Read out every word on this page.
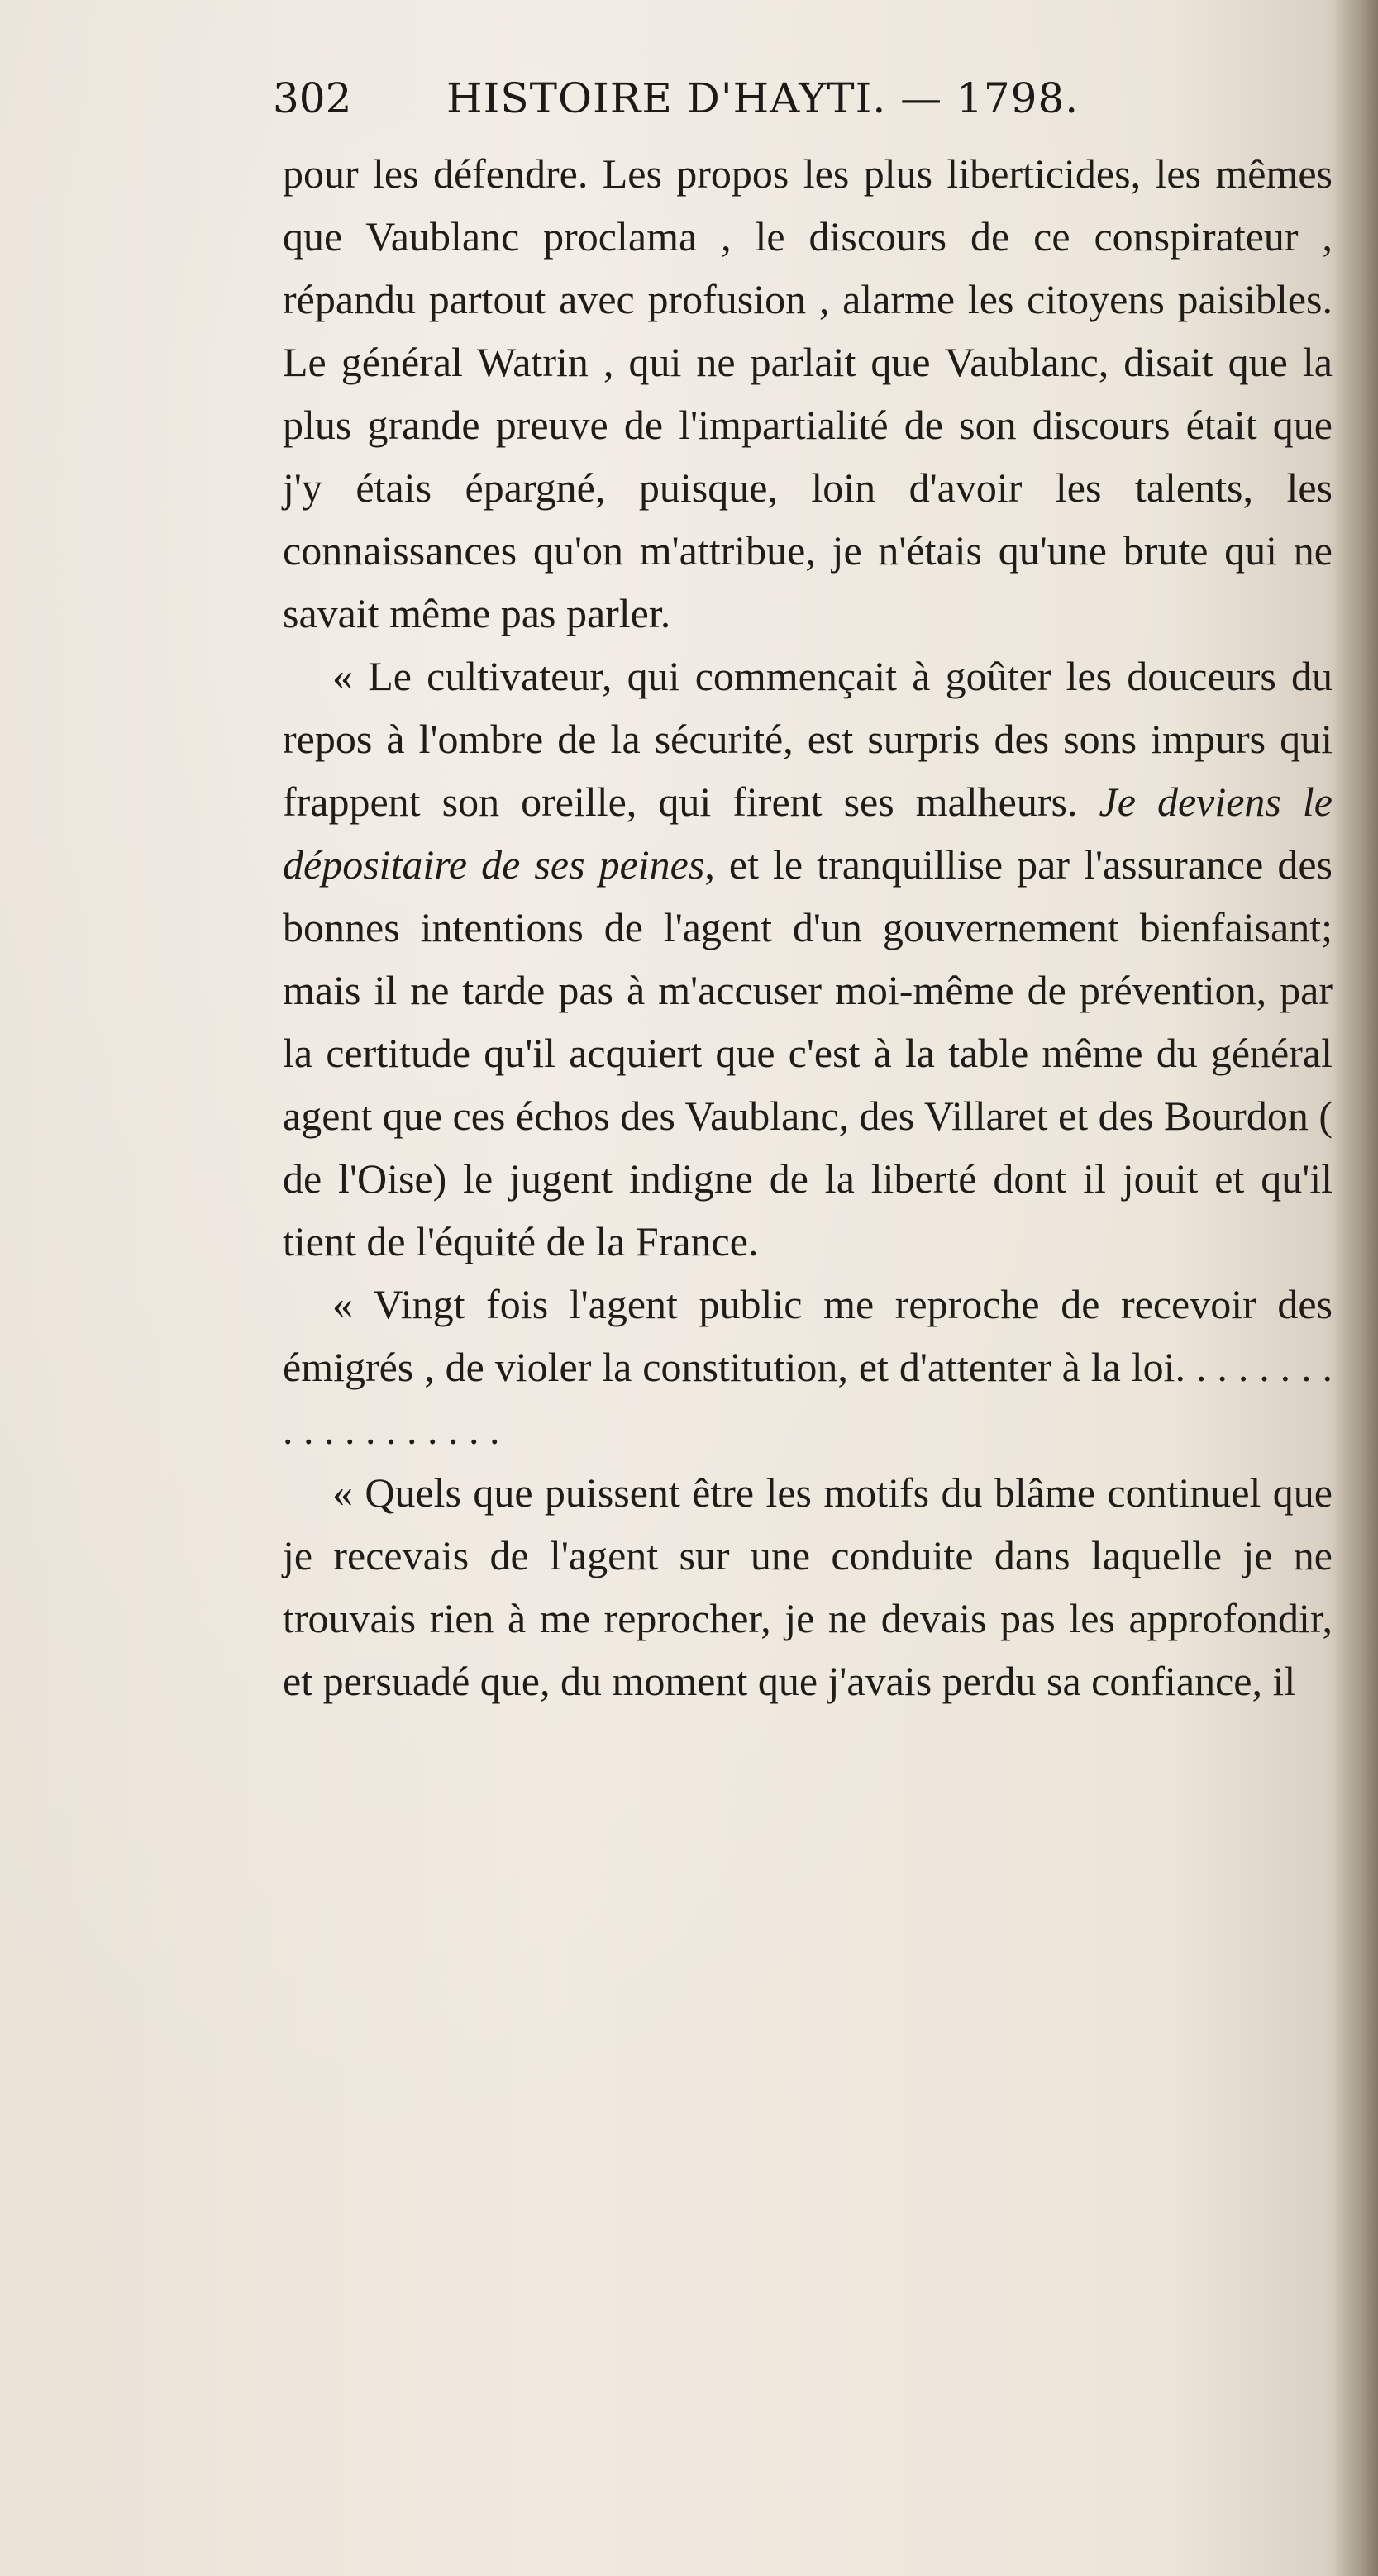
302 HISTOIRE D'HAYTI. — 1798.

pour les défendre. Les propos les plus liberticides, les mêmes que Vaublanc proclama , le discours de ce conspirateur , répandu partout avec profusion , alarme les citoyens paisibles. Le général Watrin , qui ne parlait que Vaublanc, disait que la plus grande preuve de l'impartialité de son discours était que j'y étais épargné, puisque, loin d'avoir les talents, les connaissances qu'on m'attribue, je n'étais qu'une brute qui ne savait même pas parler.

« Le cultivateur, qui commençait à goûter les douceurs du repos à l'ombre de la sécurité, est surpris des sons impurs qui frappent son oreille, qui firent ses malheurs. Je deviens le dépositaire de ses peines, et le tranquillise par l'assurance des bonnes intentions de l'agent d'un gouvernement bienfaisant; mais il ne tarde pas à m'accuser moi-même de prévention, par la certitude qu'il acquiert que c'est à la table même du général agent que ces échos des Vaublanc, des Villaret et des Bourdon ( de l'Oise) le jugent indigne de la liberté dont il jouit et qu'il tient de l'équité de la France.

« Vingt fois l'agent public me reproche de recevoir des émigrés , de violer la constitution, et d'attenter à la loi. . . . . . . . . . . . . . . . . . .

« Quels que puissent être les motifs du blâme continuel que je recevais de l'agent sur une conduite dans laquelle je ne trouvais rien à me reprocher, je ne devais pas les approfondir, et persuadé que, du moment que j'avais perdu sa confiance, il
